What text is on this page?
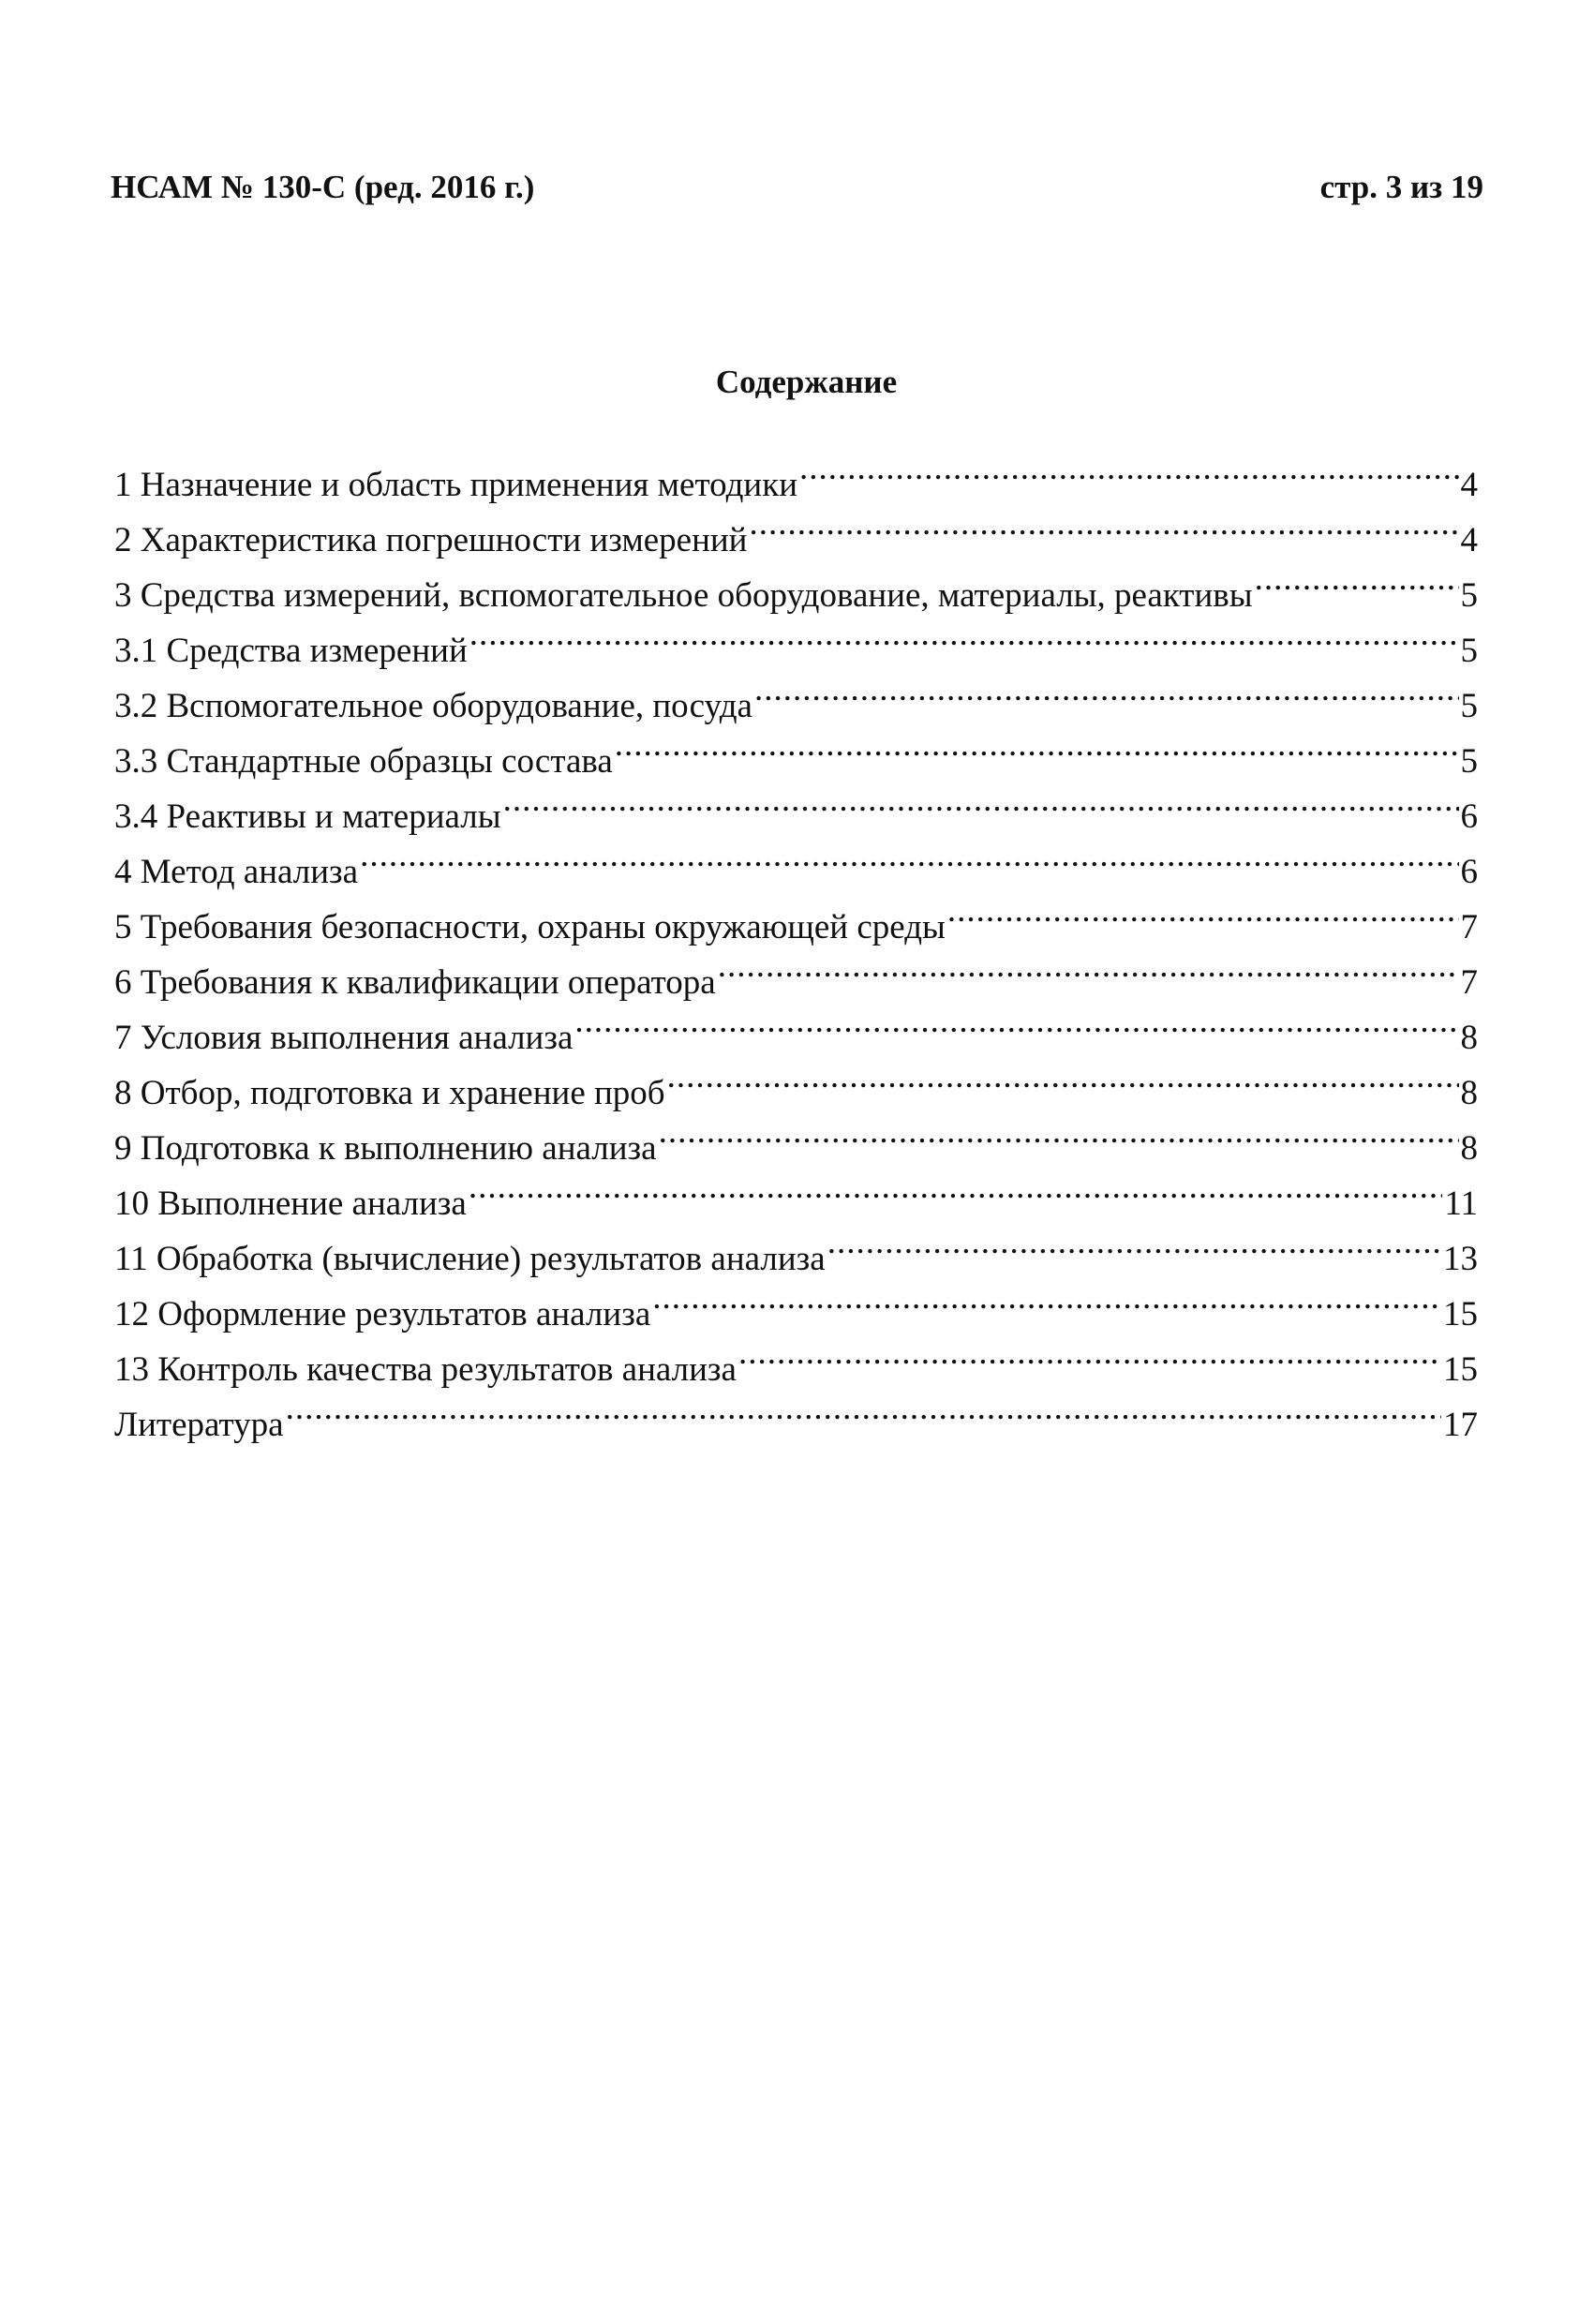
НСАМ № 130-С (ред. 2016 г.)	стр. 3 из 19
Содержание
1 Назначение и область применения методики .....	4
2 Характеристика погрешности измерений .....	4
3 Средства измерений, вспомогательное оборудование, материалы, реактивы .....	5
3.1 Средства измерений .....	5
3.2 Вспомогательное оборудование, посуда .....	5
3.3 Стандартные образцы состава .....	5
3.4 Реактивы и материалы .....	6
4 Метод анализа .....	6
5 Требования безопасности, охраны окружающей среды .....	7
6 Требования к квалификации оператора .....	7
7 Условия выполнения анализа .....	8
8 Отбор, подготовка и хранение проб .....	8
9 Подготовка к выполнению анализа .....	8
10 Выполнение анализа .....	11
11 Обработка (вычисление) результатов анализа .....	13
12 Оформление результатов анализа .....	15
13 Контроль качества результатов анализа .....	15
Литература .....	17
